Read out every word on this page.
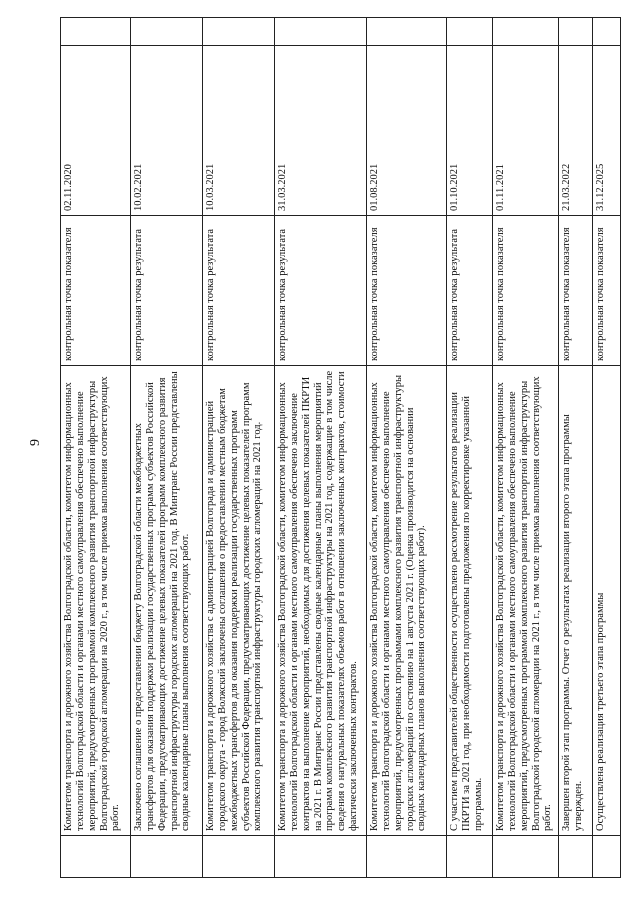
9
	Комитетом транспорта и дорожного хозяйства Волгоградской области, комитетом информационных технологий Волгоградской области и органами местного самоуправления обеспечено выполнение мероприятий, предусмотренных программой комплексного развития транспортной инфраструктуры Волгоградской городской агломерации на 2020 г., в том числе приемка выполнения соответствующих работ.	контрольная точка показателя	02.11.2020	
	Заключено соглашение о предоставлении бюджету Волгоградской области межбюджетных трансфертов для оказания поддержки реализации государственных программ субъектов Российской Федерации, предусматривающих достижение целевых показателей программ комплексного развития транспортной инфраструктуры городских агломераций на 2021 год. В Минтранс России представлены сводные календарные планы выполнения соответствующих работ.	контрольная точка результата	10.02.2021	
	Комитетом транспорта и дорожного хозяйства с администрацией Волгограда и администрацией городского округа - город Волжский заключены соглашения о предоставлении местным бюджетам межбюджетных трансфертов для оказания поддержки реализации государственных программ субъектов Российской Федерации, предусматривающих достижение целевых показателей программ комплексного развития транспортной инфраструктуры городских агломераций на 2021 год.	контрольная точка результата	10.03.2021	
	Комитетом транспорта и дорожного хозяйства Волгоградской области, комитетом информационных технологий Волгоградской области и органами местного самоуправления обеспечено заключение контрактов на выполнение мероприятий, необходимых для достижения целевых показателей ПКРТИ на 2021 г. В Минтранс России представлены сводные календарные планы выполнения мероприятий программ комплексного развития транспортной инфраструктуры на 2021 год, содержащие в том числе сведения о натуральных показателях объемов работ в отношении заключенных контрактов, стоимости фактически заключенных контрактов.	контрольная точка результата	31.03.2021	
	Комитетом транспорта и дорожного хозяйства Волгоградской области, комитетом информационных технологий Волгоградской области и органами местного самоуправления обеспечено выполнение мероприятий, предусмотренных программами комплексного развития транспортной инфраструктуры городских агломераций по состоянию на 1 августа 2021 г. (Оценка производится на основании сводных календарных планов выполнения соответствующих работ).	контрольная точка показателя	01.08.2021	
	С участием представителей общественности осуществлено рассмотрение результатов реализации ПКРТИ за 2021 год, при необходимости подготовлены предложения по корректировке указанной программы.	контрольная точка результата	01.10.2021	
	Комитетом транспорта и дорожного хозяйства Волгоградской области, комитетом информационных технологий Волгоградской области и органами местного самоуправления обеспечено выполнение мероприятий, предусмотренных программой комплексного развития транспортной инфраструктуры Волгоградской городской агломерации на 2021 г., в том числе приемка выполнения соответствующих работ.	контрольная точка показателя	01.11.2021	
	Завершен второй этап программы. Отчет о результатах реализации второго этапа программы утвержден.	контрольная точка показателя	21.03.2022	
	Осуществлена реализация третьего этапа программы	контрольная точка показателя	31.12.2025	
